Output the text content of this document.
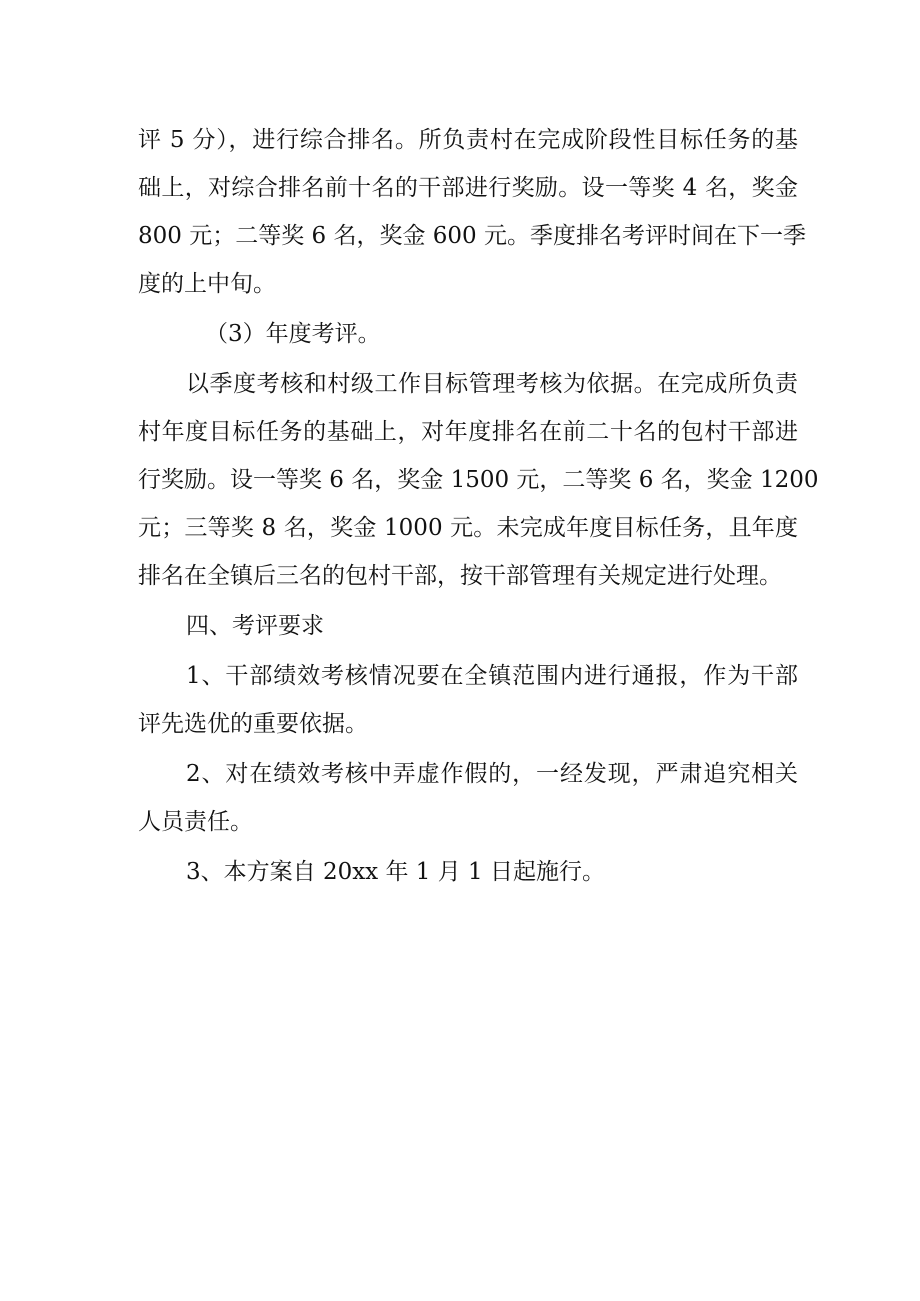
评 5 分），进行综合排名。所负责村在完成阶段性目标任务的基
础上，对综合排名前十名的干部进行奖励。设一等奖 4 名，奖金
800 元；二等奖 6 名，奖金 600 元。季度排名考评时间在下一季
度的上中旬。
（3）年度考评。
以季度考核和村级工作目标管理考核为依据。在完成所负责
村年度目标任务的基础上，对年度排名在前二十名的包村干部进
行奖励。设一等奖 6 名，奖金 1500 元，二等奖 6 名，奖金 1200
元；三等奖 8 名，奖金 1000 元。未完成年度目标任务，且年度
排名在全镇后三名的包村干部，按干部管理有关规定进行处理。
四、考评要求
1、干部绩效考核情况要在全镇范围内进行通报，作为干部
评先选优的重要依据。
2、对在绩效考核中弄虚作假的，一经发现，严肃追究相关
人员责任。
3、本方案自 20xx 年 1 月 1 日起施行。
